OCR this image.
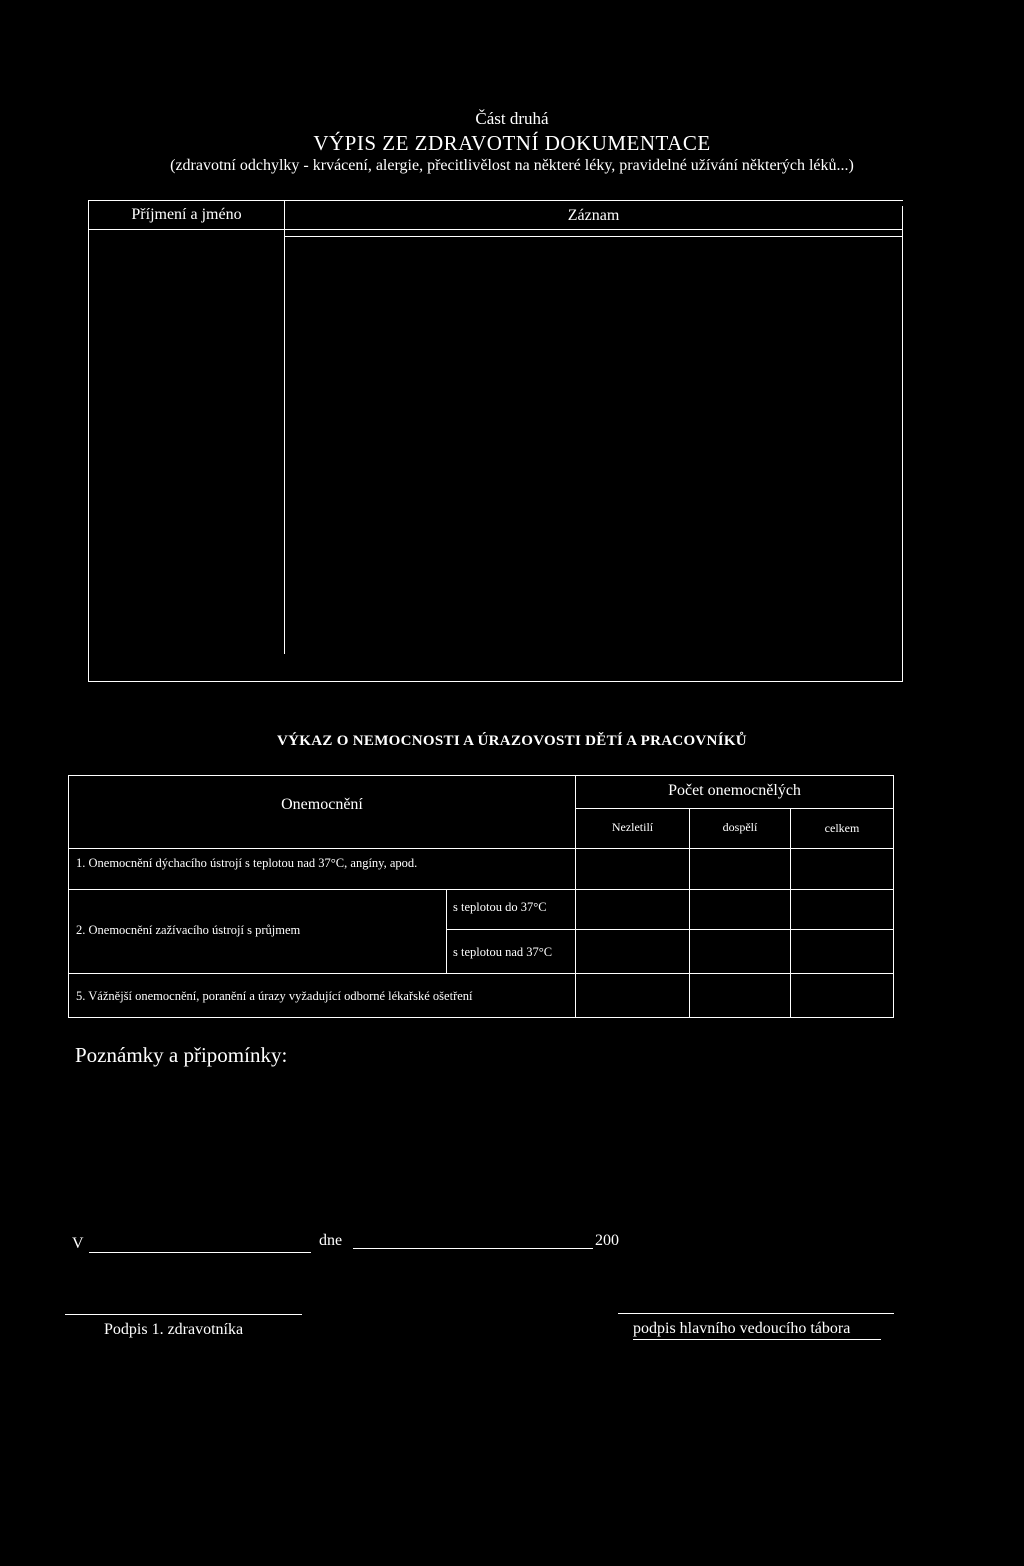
Část druhá
VÝPIS ZE ZDRAVOTNÍ DOKUMENTACE
(zdravotní odchylky - krvácení, alergie, přecitlivělost na některé léky, pravidelné užívání některých léků...)
Příjmení a jméno	Záznam
VÝKAZ O NEMOCNOSTI A ÚRAZOVOSTI DĚTÍ A PRACOVNÍKŮ
Onemocnění
Počet onemocnělých
Nezletilí	dospělí	celkem
1. Onemocnění dýchacího ústrojí s teplotou nad 37°C, angíny, apod.
2. Onemocnění zažívacího ústrojí s průjmem
s teplotou do 37°C
s teplotou nad 37°C
5. Vážnější onemocnění, poranění a úrazy vyžadující odborné lékařské ošetření
Poznámky a připomínky:
V	dne	200
Podpis 1. zdravotníka	podpis hlavního vedoucího tábora
